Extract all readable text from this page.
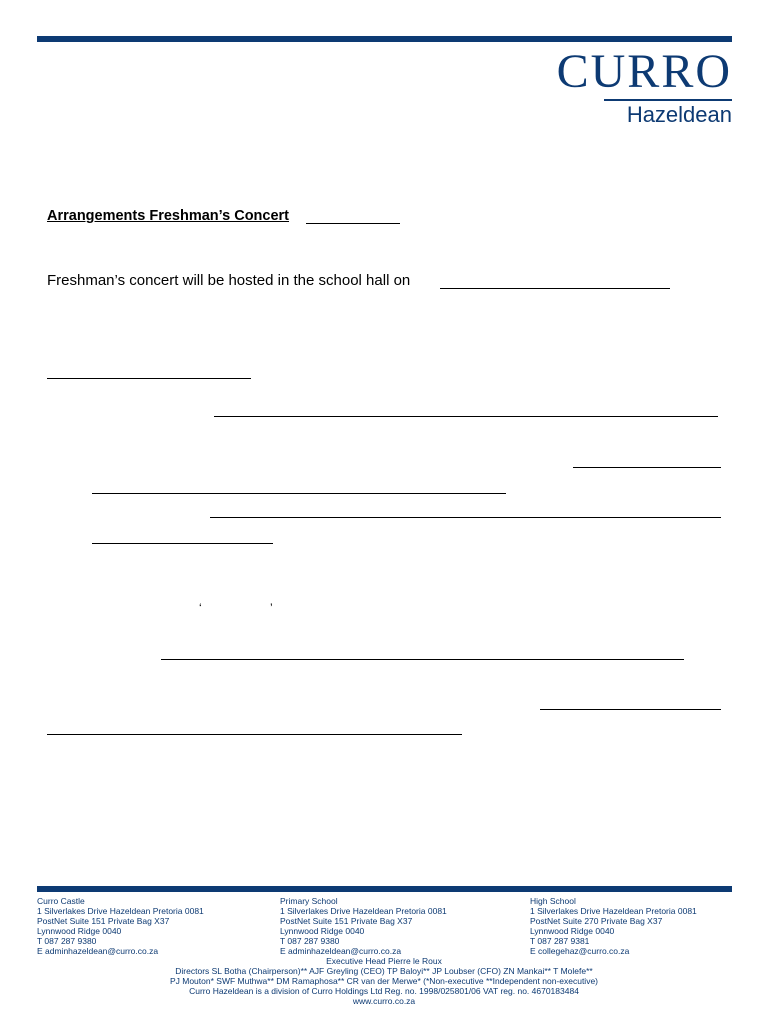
CURRO
Hazeldean
Arrangements Freshman’s Concert
Freshman’s concert will be hosted in the school hall on
‘	’
Curro Castle
1 Silverlakes Drive Hazeldean Pretoria 0081
PostNet Suite 151 Private Bag X37
Lynnwood Ridge 0040
T 087 287 9380
E adminhazeldean@curro.co.za
Primary School
1 Silverlakes Drive Hazeldean Pretoria 0081
PostNet Suite 151 Private Bag X37
Lynnwood Ridge 0040
T 087 287 9380
E adminhazeldean@curro.co.za
High School
1 Silverlakes Drive Hazeldean Pretoria 0081
PostNet Suite 270 Private Bag X37
Lynnwood Ridge 0040
T 087 287 9381
E collegehaz@curro.co.za
Executive Head Pierre le Roux
Directors SL Botha (Chairperson)** AJF Greyling (CEO) TP Baloyi** JP Loubser (CFO) ZN Mankai** T Molefe**
PJ Mouton* SWF Muthwa** DM Ramaphosa** CR van der Merwe* (*Non-executive **Independent non-executive)
Curro Hazeldean is a division of Curro Holdings Ltd Reg. no. 1998/025801/06 VAT reg. no. 4670183484
www.curro.co.za
